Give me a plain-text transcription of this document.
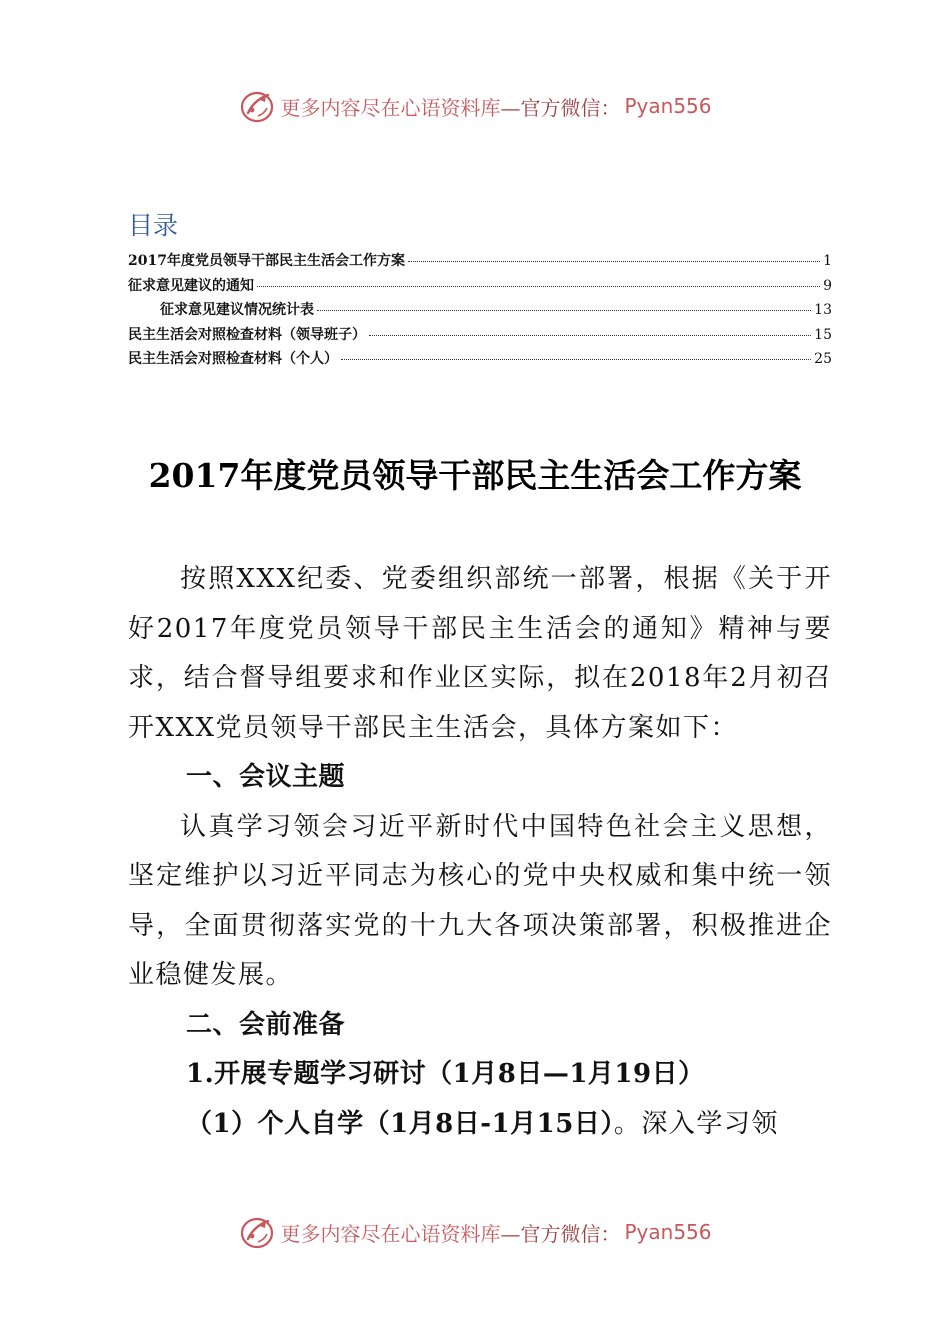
更多内容尽在心语资料库 —官方微信： Pyan556
目录
2017年度党员领导干部民主生活会工作方案	1
征求意见建议的通知	9
征求意见建议情况统计表	13
民主生活会对照检查材料（领导班子）	15
民主生活会对照检查材料（个人）	25
2017年度党员领导干部民主生活会工作方案

按照XXX纪委、党委组织部统一部署，根据《关于开好2017年度党员领导干部民主生活会的通知》精神与要求，结合督导组要求和作业区实际，拟在2018年2月初召开XXX党员领导干部民主生活会，具体方案如下：

一、会议主题

认真学习领会习近平新时代中国特色社会主义思想，坚定维护以习近平同志为核心的党中央权威和集中统一领导，全面贯彻落实党的十九大各项决策部署，积极推进企业稳健发展。

二、会前准备

1.开展专题学习研讨（1月8日—1月19日）

（1）个人自学（1月8日-1月15日）。深入学习领

更多内容尽在心语资料库 —官方微信： Pyan556
